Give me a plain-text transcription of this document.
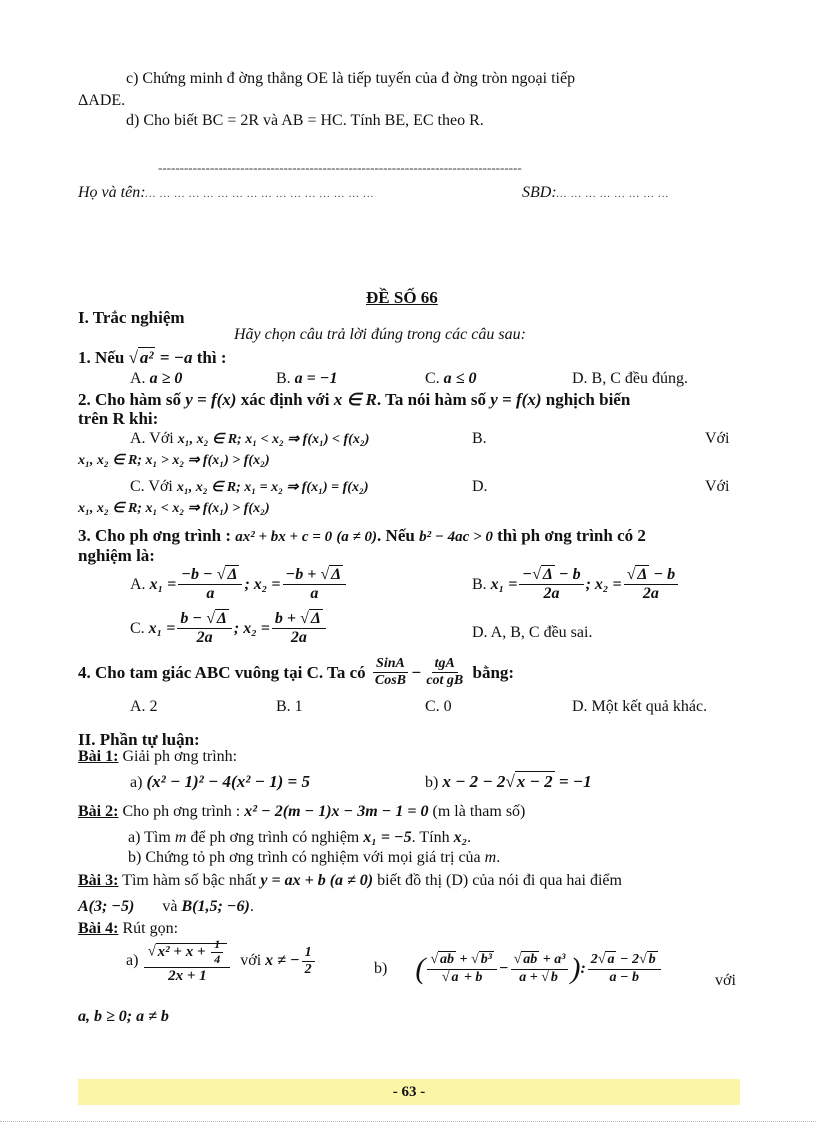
c) Chứng minh đ ờng thẳng OE là tiếp tuyến của đ ờng tròn ngoại tiếp
ΔADE.
d) Cho biết BC = 2R và AB = HC. Tính BE, EC theo R.
------------------------------------------------------------------------------------
Họ và tên:… … … … … … … … … … … … … … … …	SBD:… … … … … … … …
ĐỀ SỐ 66
I. Trắc nghiệm
Hãy chọn câu trả lời đúng trong các câu sau:
1. Nếu √ a² = −a thì :
A. a ≥ 0	B. a = −1	C. a ≤ 0	D. B, C đều đúng.
2. Cho hàm số y = f(x) xác định với x ∈ R. Ta nói hàm số y = f(x) nghịch biến
trên R khi:
A. Với x₁, x₂ ∈ R; x₁ < x₂ ⇒ f(x₁) < f(x₂)	B.	Với
x₁, x₂ ∈ R; x₁ > x₂ ⇒ f(x₁) > f(x₂)
C. Với x₁, x₂ ∈ R; x₁ = x₂ ⇒ f(x₁) = f(x₂)	D.	Với
x₁, x₂ ∈ R; x₁ < x₂ ⇒ f(x₁) > f(x₂)
3. Cho ph ơng trình : ax² + bx + c = 0 (a ≠ 0). Nếu b² − 4ac > 0 thì ph ơng trình có 2
nghiệm là:
A.
$x_1 = \frac{-b - √ \Delta}{a}$ ; $x_2 = \frac{-b + √ \Delta}{a}$	B.
$x_1 = \frac{-√ \Delta - b}{2a}$ ; $x_2 = \frac{√ \Delta - b}{2a}$
C.
$x_1 = \frac{b - √ \Delta}{2a}$ ; $x_2 = \frac{b + √ \Delta}{2a}$	D. A, B, C đều sai.
4. Cho tam giác ABC vuông tại C. Ta có
$\frac{\text{SinA}}{\text{CosB}} - \frac{\text{tgA}}{\text{cot gB}}$
bằng:
A. 2	B. 1	C. 0	D. Một kết quả khác.
II. Phần tự luận:
Bài 1: Giải ph ơng trình:
a) (x² − 1)² − 4(x² − 1) = 5	b) x − 2 − 2√ x − 2 = −1
Bài 2: Cho ph ơng trình : x² − 2(m − 1)x − 3m − 1 = 0 (m là tham số)
a) Tìm m để ph ơng trình có nghiệm x₁ = −5. Tính x₂.
b) Chứng tỏ ph ơng trình có nghiệm với mọi giá trị của m.
Bài 3: Tìm hàm số bậc nhất y = ax + b (a ≠ 0) biết đồ thị (D) của nói đi qua hai điểm
A(3; −5) và B(1,5; −6).
Bài 4: Rút gọn:
a)
$\frac{√ x^2 + x + \frac{1}{4}}{2x + 1}$
với
x ≠ − $\frac{1}{2}$	b)
( $\frac{\text{√ ab + √ b³}}{√ a + b} - \frac{\text{√ ab + a³}}{a + √ b}$ ) : $\frac{2√ a - 2√ b}{a - b}$	với
a, b ≥ 0; a ≠ b
- 63 -
